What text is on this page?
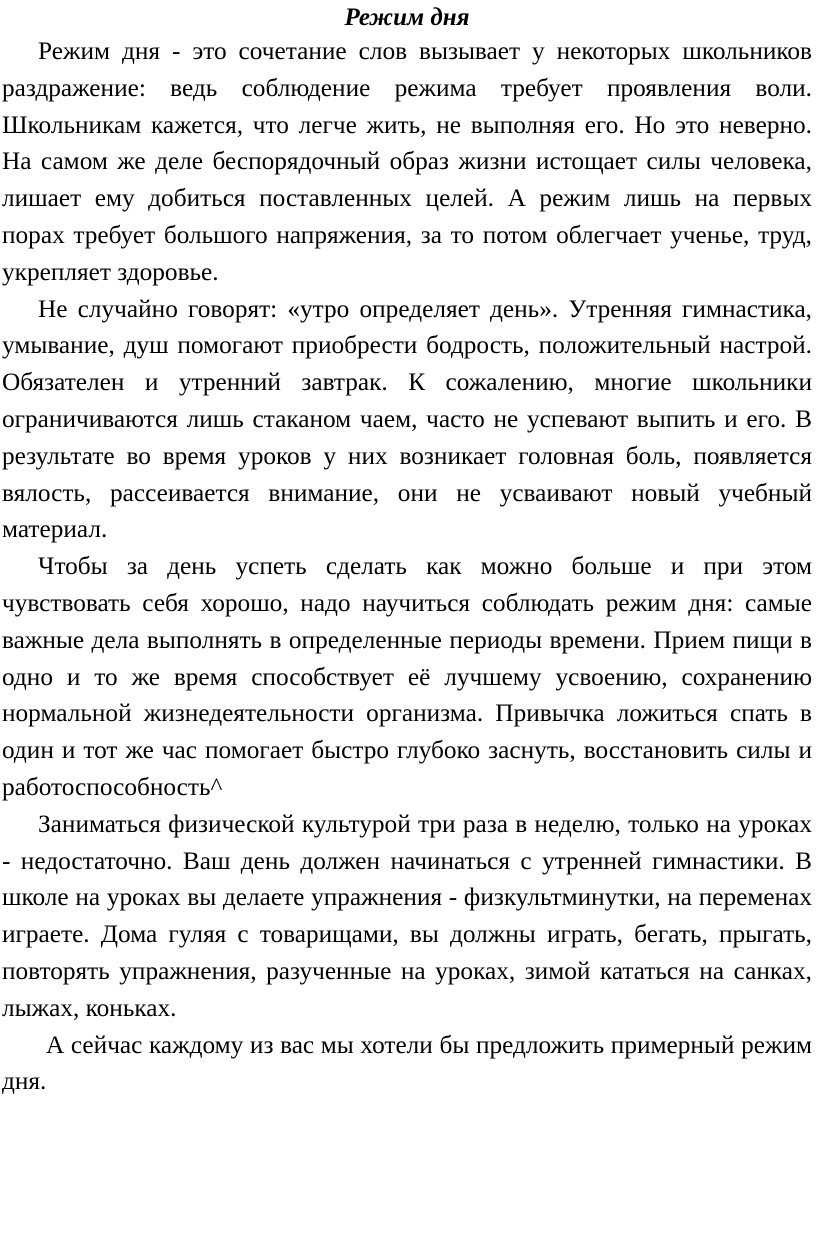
Режим дня

Режим дня - это сочетание слов вызывает у некоторых школьников раздражение: ведь соблюдение режима требует проявления воли. Школьникам кажется, что легче жить, не выполняя его. Но это неверно. На самом же деле беспорядочный образ жизни истощает силы человека, лишает ему добиться поставленных целей. А режим лишь на первых порах требует большого напряжения, за то потом облегчает ученье, труд, укрепляет здоровье.

Не случайно говорят: «утро определяет день». Утренняя гимнастика, умывание, душ помогают приобрести бодрость, положительный настрой. Обязателен и утренний завтрак. К сожалению, многие школьники ограничиваются лишь стаканом чаем, часто не успевают выпить и его. В результате во время уроков у них возникает головная боль, появляется вялость, рассеивается внимание, они не усваивают новый учебный материал.

Чтобы за день успеть сделать как можно больше и при этом чувствовать себя хорошо, надо научиться соблюдать режим дня: самые важные дела выполнять в определенные периоды времени. Прием пищи в одно и то же время способствует её лучшему усвоению, сохранению нормальной жизнедеятельности организма. Привычка ложиться спать в один и тот же час помогает быстро глубоко заснуть, восстановить силы и работоспособность^

Заниматься физической культурой три раза в неделю, только на уроках - недостаточно. Ваш день должен начинаться с утренней гимнастики. В школе на уроках вы делаете упражнения - физкультминутки, на переменах играете. Дома гуляя с товарищами, вы должны играть, бегать, прыгать, повторять упражнения, разученные на уроках, зимой кататься на санках, лыжах, коньках.

А сейчас каждому из вас мы хотели бы предложить примерный режим дня.
